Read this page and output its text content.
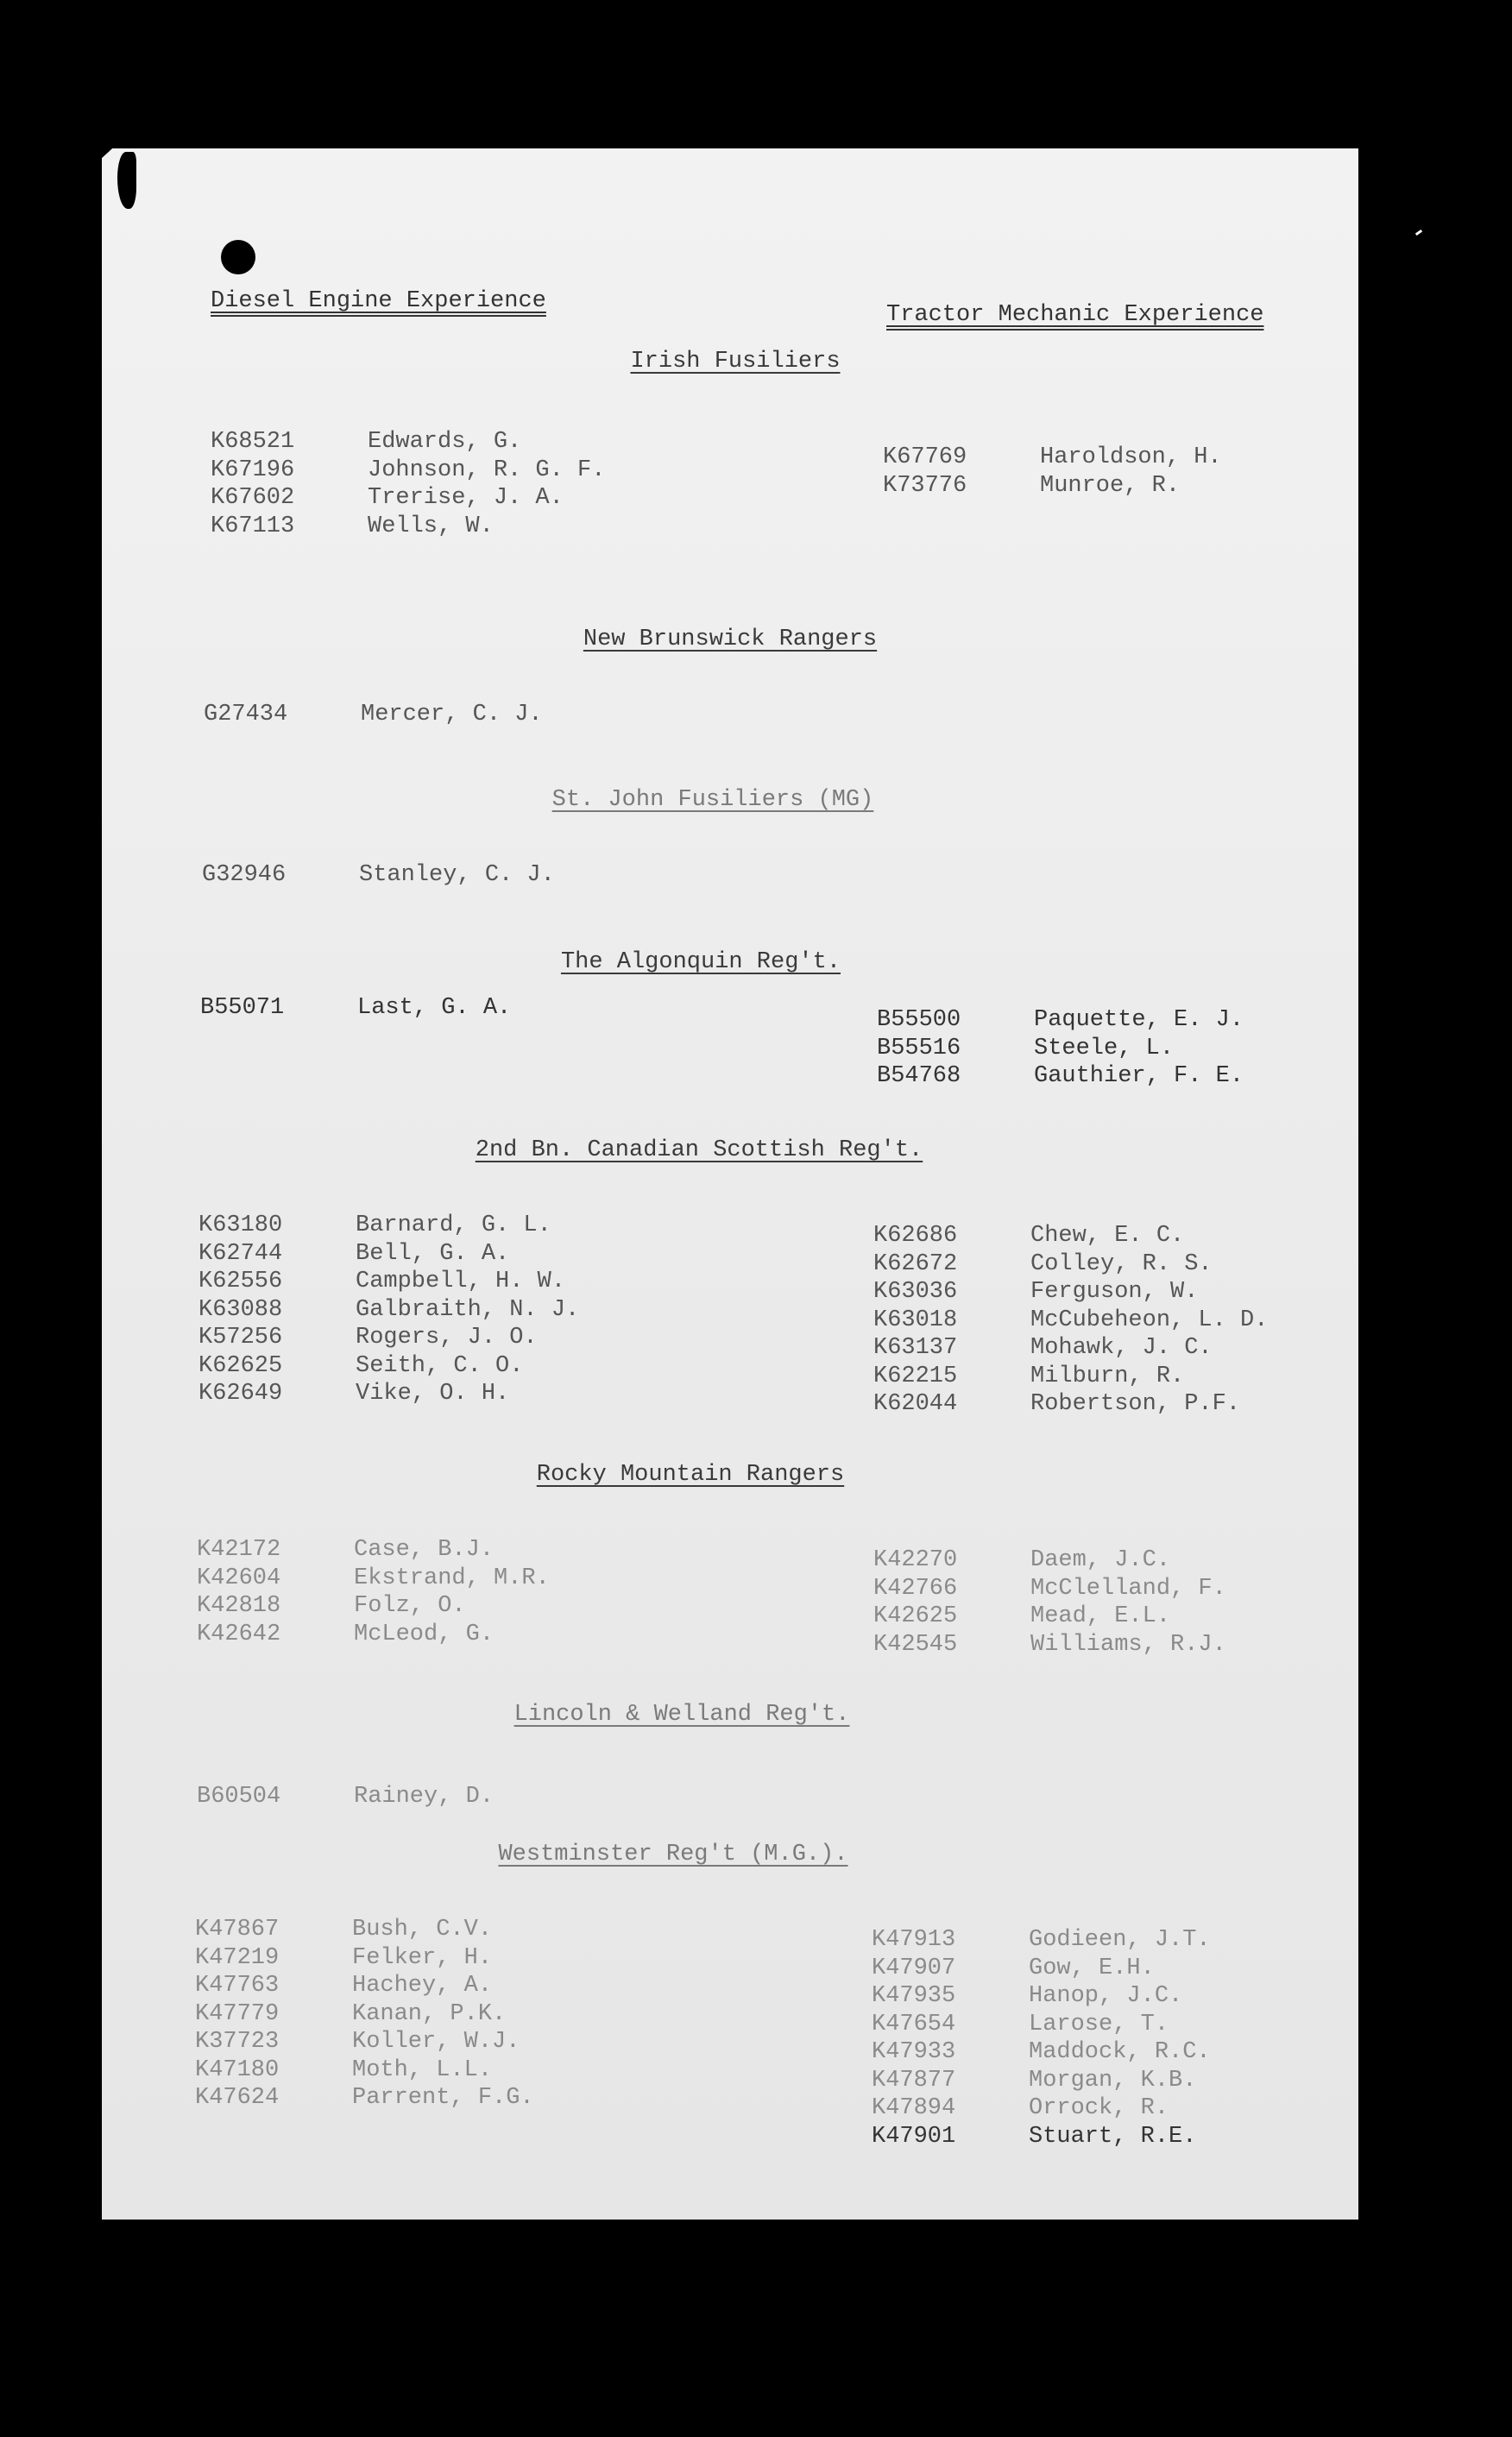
Diesel Engine Experience
Tractor Mechanic Experience
Irish Fusiliers
K68521	Edwards, G.
K67196	Johnson, R. G. F.
K67602	Trerise, J. A.
K67113	Wells, W.
K67769	Haroldson, H.
K73776	Munroe, R.
New Brunswick Rangers
G27434	Mercer, C. J.
St. John Fusiliers (MG)
G32946	Stanley, C. J.
The Algonquin Reg't.
B55071	Last, G. A.	B55500	Paquette, E. J.
B55516	Steele, L.
B54768	Gauthier, F. E.
2nd Bn. Canadian Scottish Reg't.
K63180	Barnard, G. L.
K62744	Bell, G. A.
K62556	Campbell, H. W.
K63088	Galbraith, N. J.
K57256	Rogers, J. O.
K62625	Seith, C. O.
K62649	Vike, O. H.
K62686	Chew, E. C.
K62672	Colley, R. S.
K63036	Ferguson, W.
K63018	McCubeheon, L. D.
K63137	Mohawk, J. C.
K62215	Milburn, R.
K62044	Robertson, P.F.
Rocky Mountain Rangers
K42172	Case, B.J.
K42604	Ekstrand, M.R.
K42818	Folz, O.
K42642	McLeod, G.
K42270	Daem, J.C.
K42766	McClelland, F.
K42625	Mead, E.L.
K42545	Williams, R.J.
Lincoln & Welland Reg't.
B60504	Rainey, D.
Westminster Reg't (M.G.).
K47867	Bush, C.V.
K47219	Felker, H.
K47763	Hachey, A.
K47779	Kanan, P.K.
K37723	Koller, W.J.
K47180	Moth, L.L.
K47624	Parrent, F.G.
K47913	Godieen, J.T.
K47907	Gow, E.H.
K47935	Hanop, J.C.
K47654	Larose, T.
K47933	Maddock, R.C.
K47877	Morgan, K.B.
K47894	Orrock, R.
K47901	Stuart, R.E.
